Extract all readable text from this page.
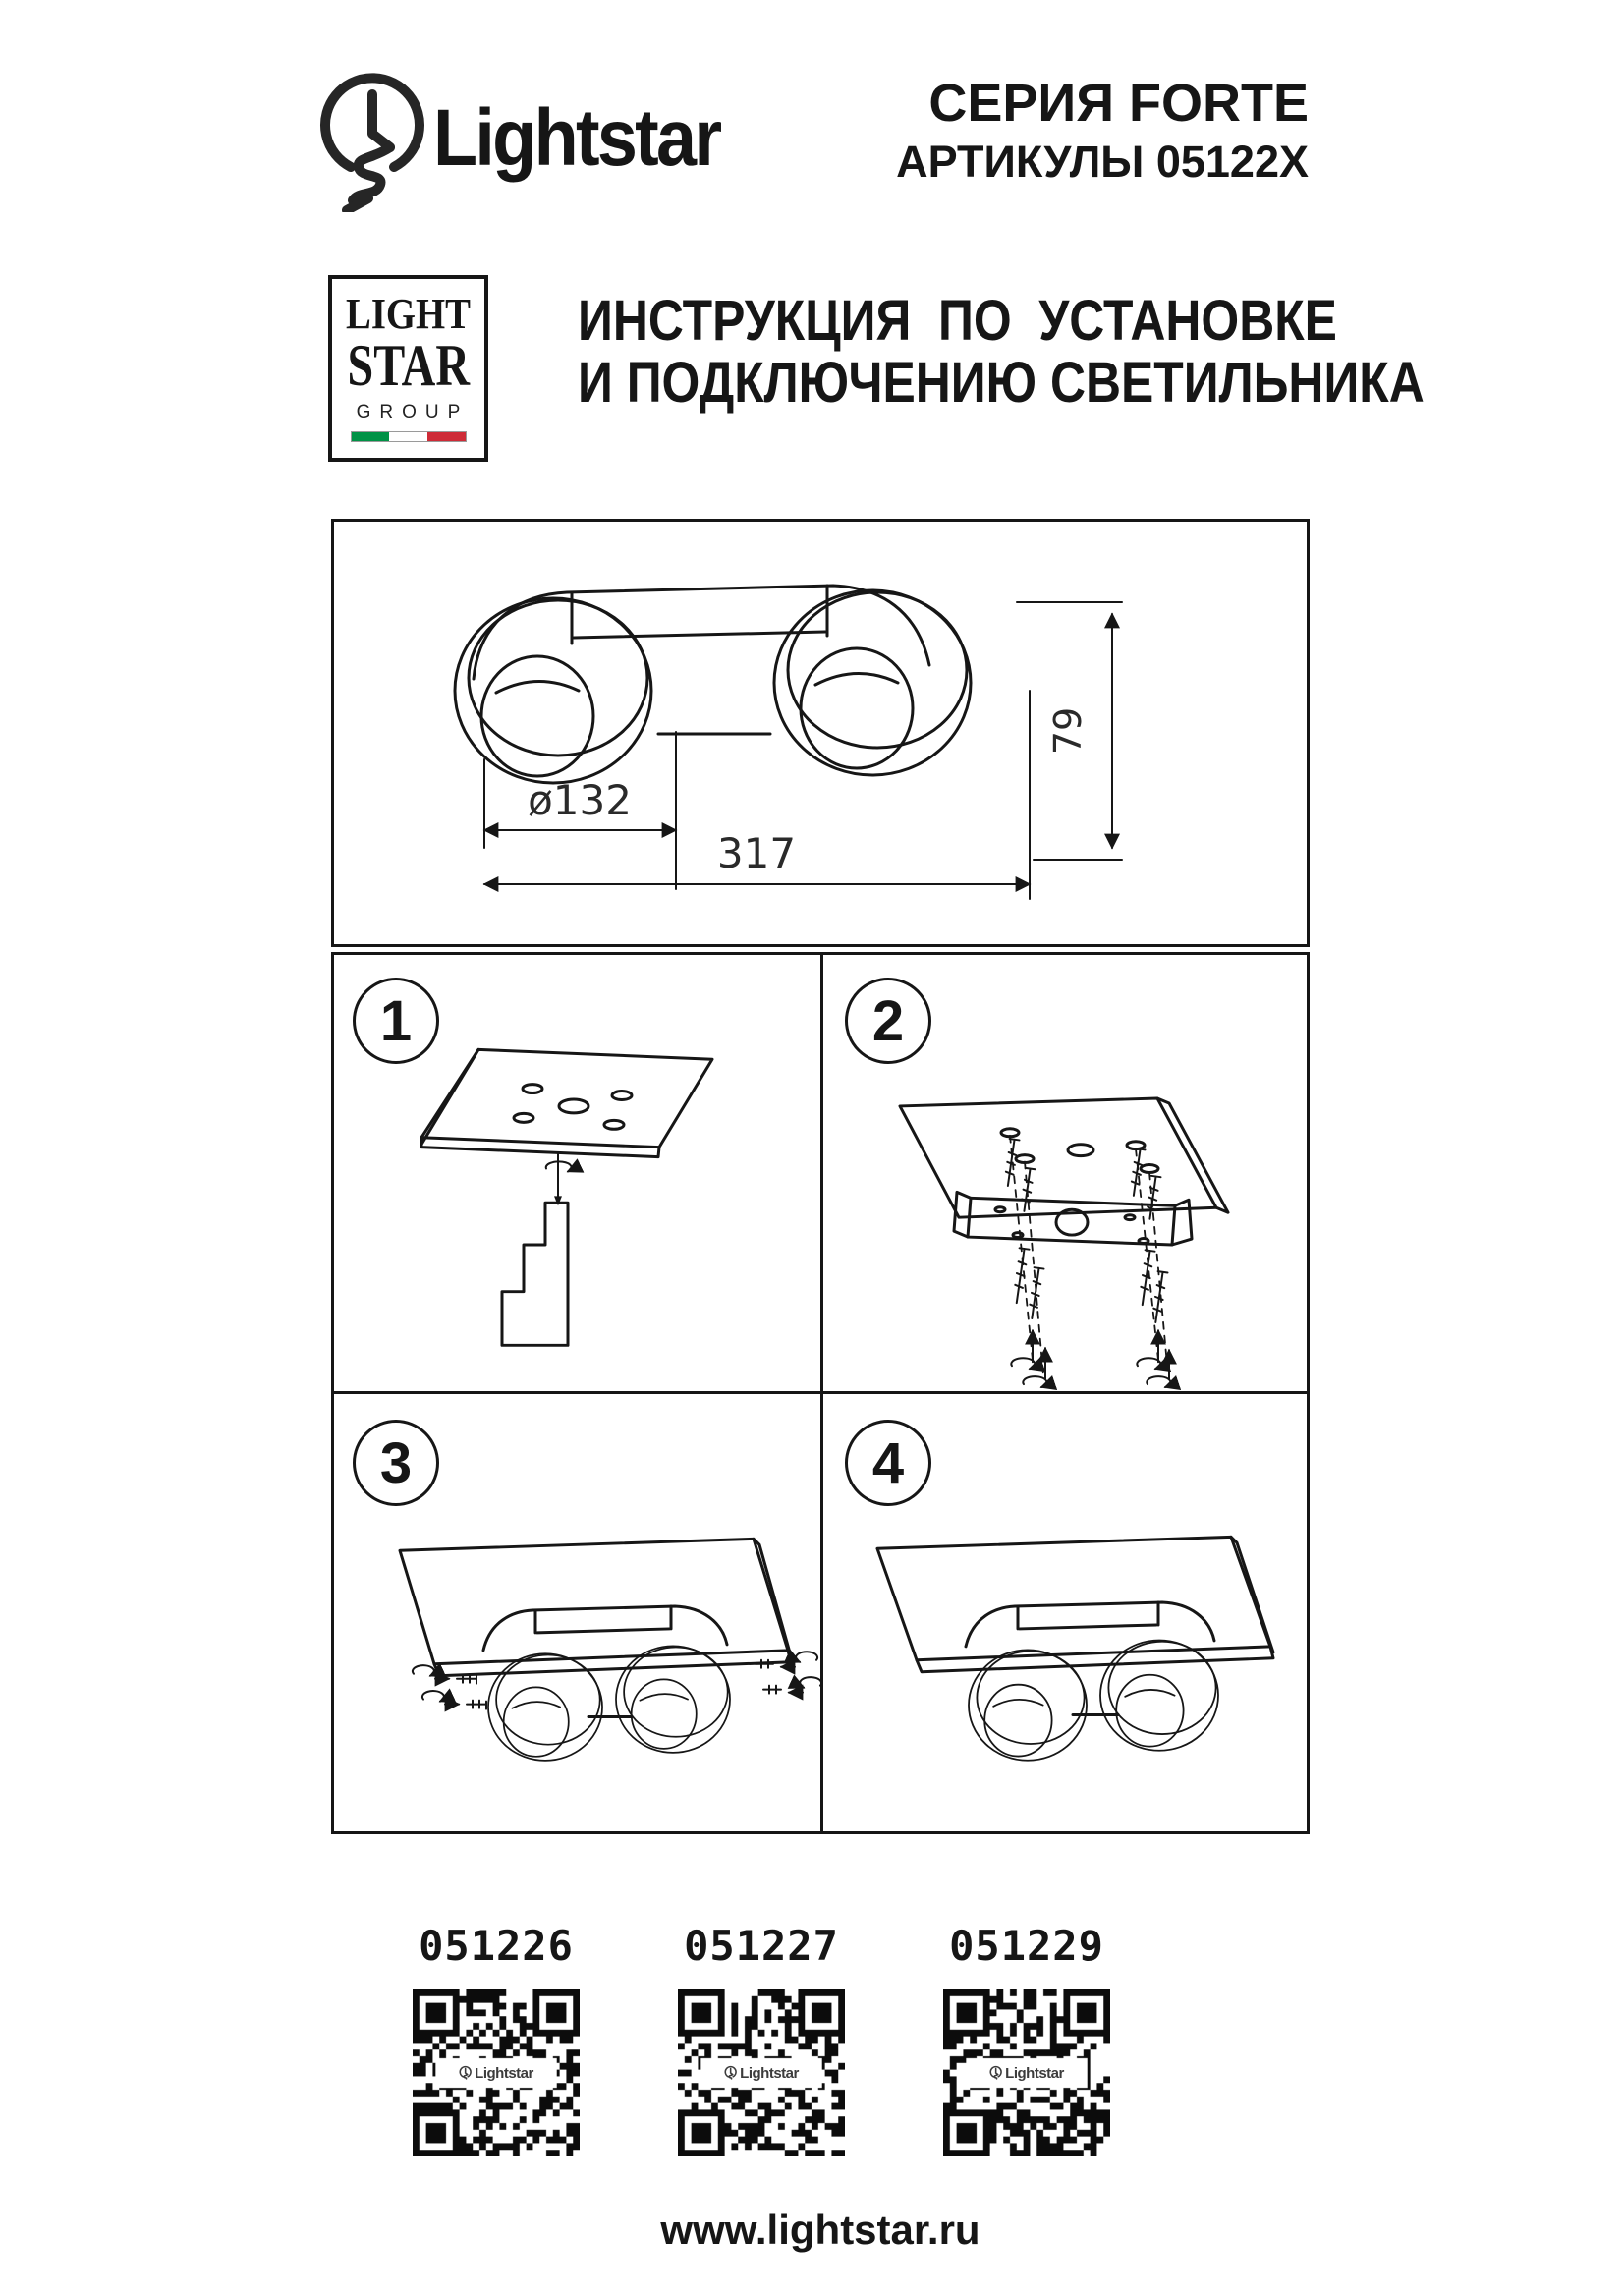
Lightstar	СЕРИЯ FORTE
АРТИКУЛЫ 05122X
LIGHT
STAR
GROUP
ИНСТРУКЦИЯ ПО УСТАНОВКЕ
И ПОДКЛЮЧЕНИЮ СВЕТИЛЬНИКА
79
ø132
317
1	2
3	4
051226
Lightstar
051227
Lightstar
051229
Lightstar
www.lightstar.ru
